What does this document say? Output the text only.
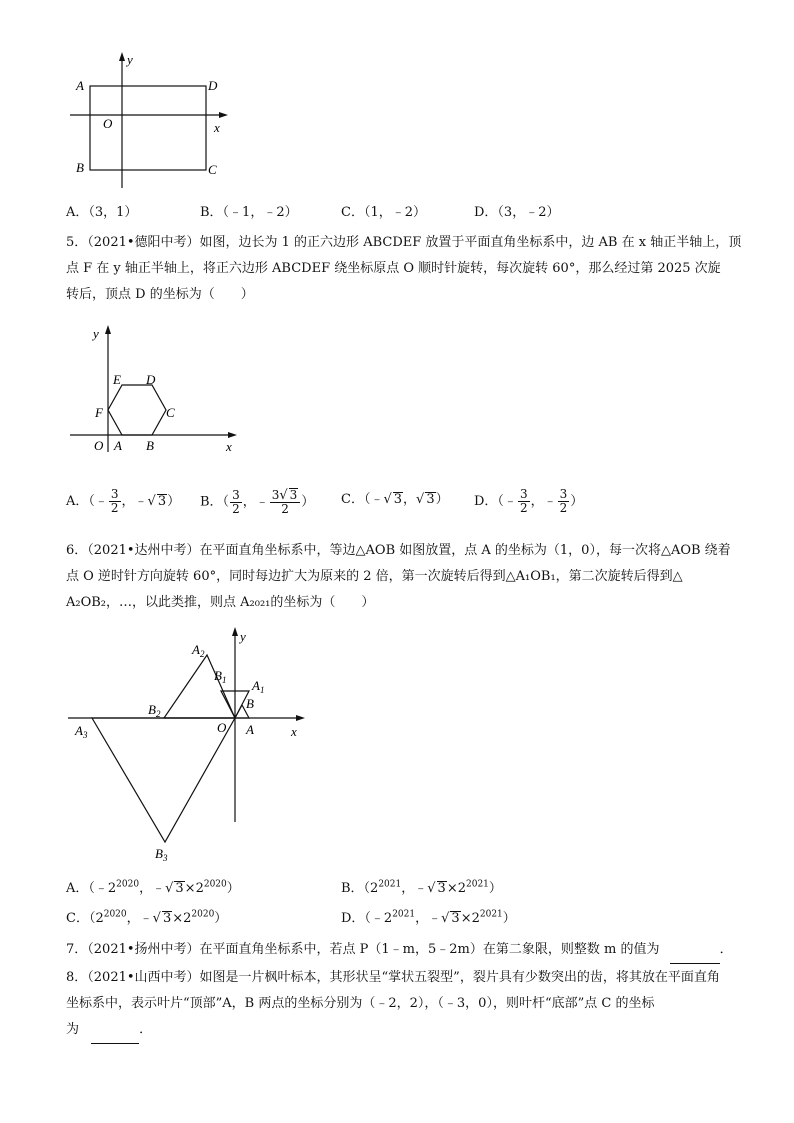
A	D
B	C
O	x
y
A．（3，1）	B．（﹣1，﹣2）	C．（1，﹣2）	D．（3，﹣2）
5．（2021•德阳中考）如图，边长为 1 的正六边形 ABCDEF 放置于平面直角坐标系中，边 AB 在 x 轴正半轴上，顶
点 F 在 y 轴正半轴上，将正六边形 ABCDEF 绕坐标原点 O 顺时针旋转，每次旋转 60°，那么经过第 2025 次旋
转后，顶点 D 的坐标为（　　）
E D
F	C
O A B	x
y
A．（﹣ $\frac{3}{2}$ ，﹣√ 3） B．（ $\frac{3}{2}$ ，﹣ $\frac{3√ 3}{2}$ ） C．（﹣√ 3，√ 3） D．（﹣ $\frac{3}{2}$ ，﹣ $\frac{3}{2}$ ）
6．（2021•达州中考）在平面直角坐标系中，等边△AOB 如图放置，点 A 的坐标为（1，0），每一次将△AOB 绕着
点 O 逆时针方向旋转 60°，同时每边扩大为原来的 2 倍，第一次旋转后得到△A₁OB₁，第二次旋转后得到△
A₂OB₂，…，以此类推，则点 A₂₀₂₁的坐标为（　　）
$A_2$
$B_1$ $A_1$
B
$B_2$
$A_3$	O A	x
y
$B_3$
A．（$﹣2^{2020}$，﹣√ $3\times 2^{2020}$）	B．（$2^{2021}$，﹣√ $3\times 2^{2021}$）
C．（$2^{2020}$，﹣√ $3\times 2^{2020}$）	D．（$﹣2^{2021}$，﹣√ $3\times 2^{2021}$）
7．（2021•扬州中考）在平面直角坐标系中，若点 P（1﹣m，5﹣2m）在第二象限，则整数 m 的值为	．
8．（2021•山西中考）如图是一片枫叶标本，其形状呈“掌状五裂型”，裂片具有少数突出的齿，将其放在平面直角
坐标系中，表示叶片“顶部”A，B 两点的坐标分别为（﹣2，2），（﹣3，0），则叶杆“底部”点 C 的坐标
为	．
